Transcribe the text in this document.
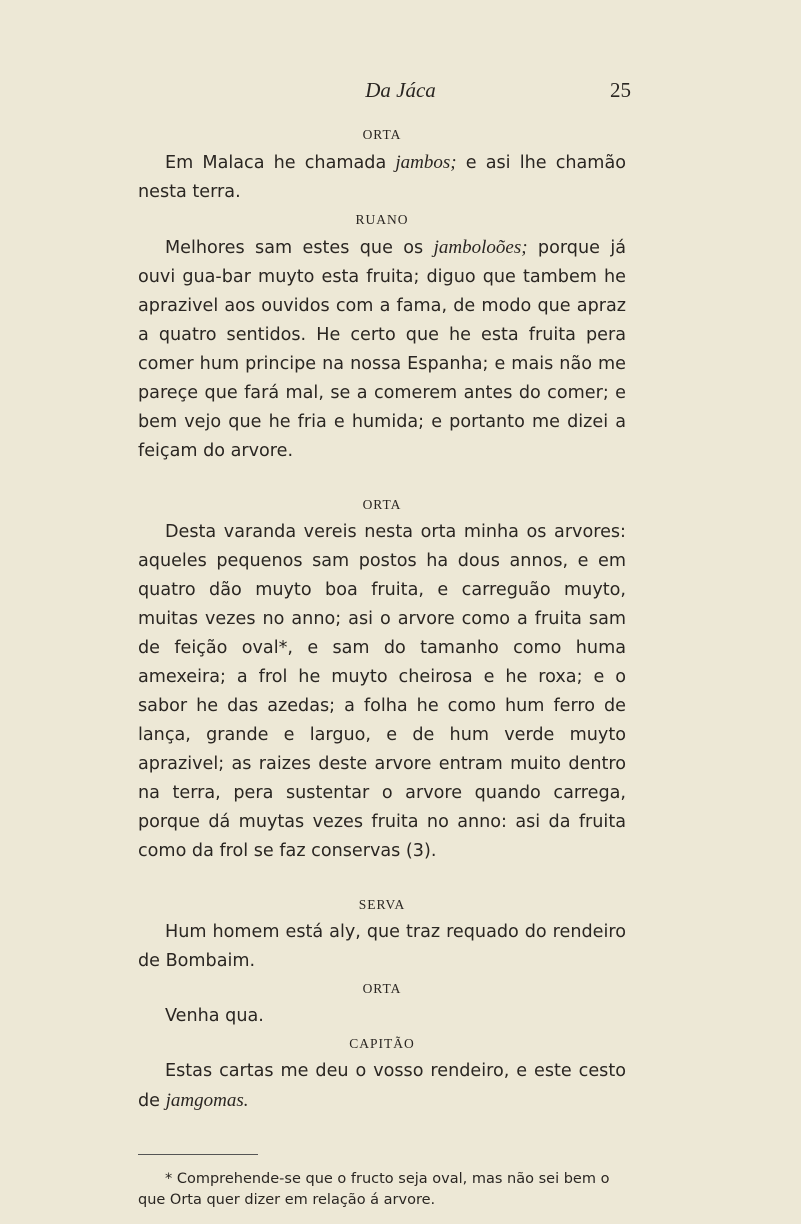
Da Jáca	25

ORTA

Em Malaca he chamada jambos; e asi lhe chamão nesta terra.

RUANO

Melhores sam estes que os jamboloões; porque já ouvi gua-bar muyto esta fruita; diguo que tambem he aprazivel aos ouvidos com a fama, de modo que apraz a quatro sentidos. He certo que he esta fruita pera comer hum principe na nossa Espanha; e mais não me pareçe que fará mal, se a comerem antes do comer; e bem vejo que he fria e humida; e portanto me dizei a feiçam do arvore.

ORTA

Desta varanda vereis nesta orta minha os arvores: aqueles pequenos sam postos ha dous annos, e em quatro dão muyto boa fruita, e carreguão muyto, muitas vezes no anno; asi o arvore como a fruita sam de feição oval*, e sam do tamanho como huma amexeira; a frol he muyto cheirosa e he roxa; e o sabor he das azedas; a folha he como hum ferro de lança, grande e larguo, e de hum verde muyto aprazivel; as raizes deste arvore entram muito dentro na terra, pera sustentar o arvore quando carrega, porque dá muytas vezes fruita no anno: asi da fruita como da frol se faz conservas (3).

SERVA

Hum homem está aly, que traz requado do rendeiro de Bombaim.

ORTA

Venha qua.

CAPITÃO

Estas cartas me deu o vosso rendeiro, e este cesto de jamgomas.

* Comprehende-se que o fructo seja oval, mas não sei bem o que Orta quer dizer em relação á arvore.
